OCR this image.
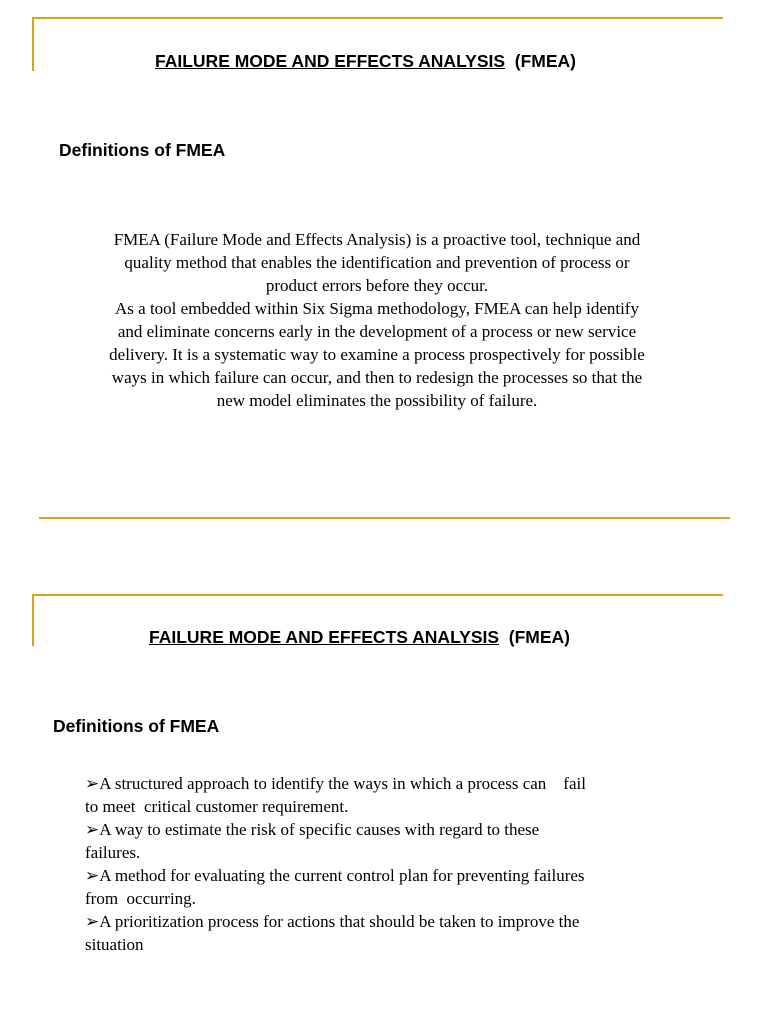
FAILURE MODE AND EFFECTS ANALYSIS (FMEA)
Definitions of FMEA
FMEA (Failure Mode and Effects Analysis) is a proactive tool, technique and
quality method that enables the identification and prevention of process or
product errors before they occur.
As a tool embedded within Six Sigma methodology, FMEA can help identify
and eliminate concerns early in the development of a process or new service
delivery. It is a systematic way to examine a process prospectively for possible
ways in which failure can occur, and then to redesign the processes so that the
new model eliminates the possibility of failure.
FAILURE MODE AND EFFECTS ANALYSIS (FMEA)
Definitions of FMEA
➢A structured approach to identify the ways in which a process can    fail
to meet  critical customer requirement.
➢A way to estimate the risk of specific causes with regard to these
failures.
➢A method for evaluating the current control plan for preventing failures
from  occurring.
➢A prioritization process for actions that should be taken to improve the
situation
